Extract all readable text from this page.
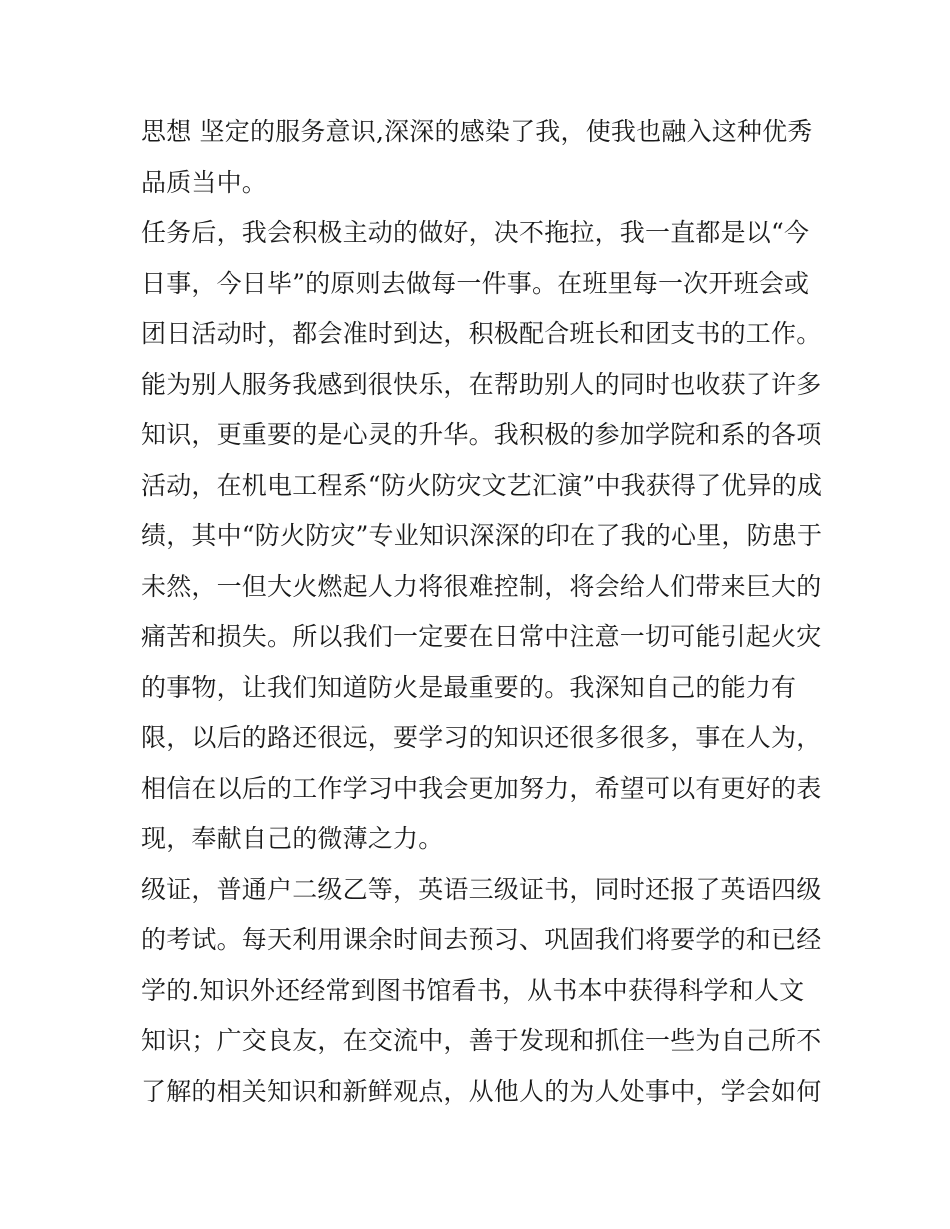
思想 坚定的服务意识,深深的感染了我，使我也融入这种优秀
品质当中。
任务后，我会积极主动的做好，决不拖拉，我一直都是以“今
日事，今日毕”的原则去做每一件事。在班里每一次开班会或
团日活动时，都会准时到达，积极配合班长和团支书的工作。
能为别人服务我感到很快乐，在帮助别人的同时也收获了许多
知识，更重要的是心灵的升华。我积极的参加学院和系的各项
活动，在机电工程系“防火防灾文艺汇演”中我获得了优异的成
绩，其中“防火防灾”专业知识深深的印在了我的心里，防患于
未然，一但大火燃起人力将很难控制，将会给人们带来巨大的
痛苦和损失。所以我们一定要在日常中注意一切可能引起火灾
的事物，让我们知道防火是最重要的。我深知自己的能力有
限，以后的路还很远，要学习的知识还很多很多，事在人为，
相信在以后的工作学习中我会更加努力，希望可以有更好的表
现，奉献自己的微薄之力。
级证，普通户二级乙等，英语三级证书，同时还报了英语四级
的考试。每天利用课余时间去预习、巩固我们将要学的和已经
学的.知识外还经常到图书馆看书，从书本中获得科学和人文
知识；广交良友，在交流中，善于发现和抓住一些为自己所不
了解的相关知识和新鲜观点，从他人的为人处事中，学会如何
